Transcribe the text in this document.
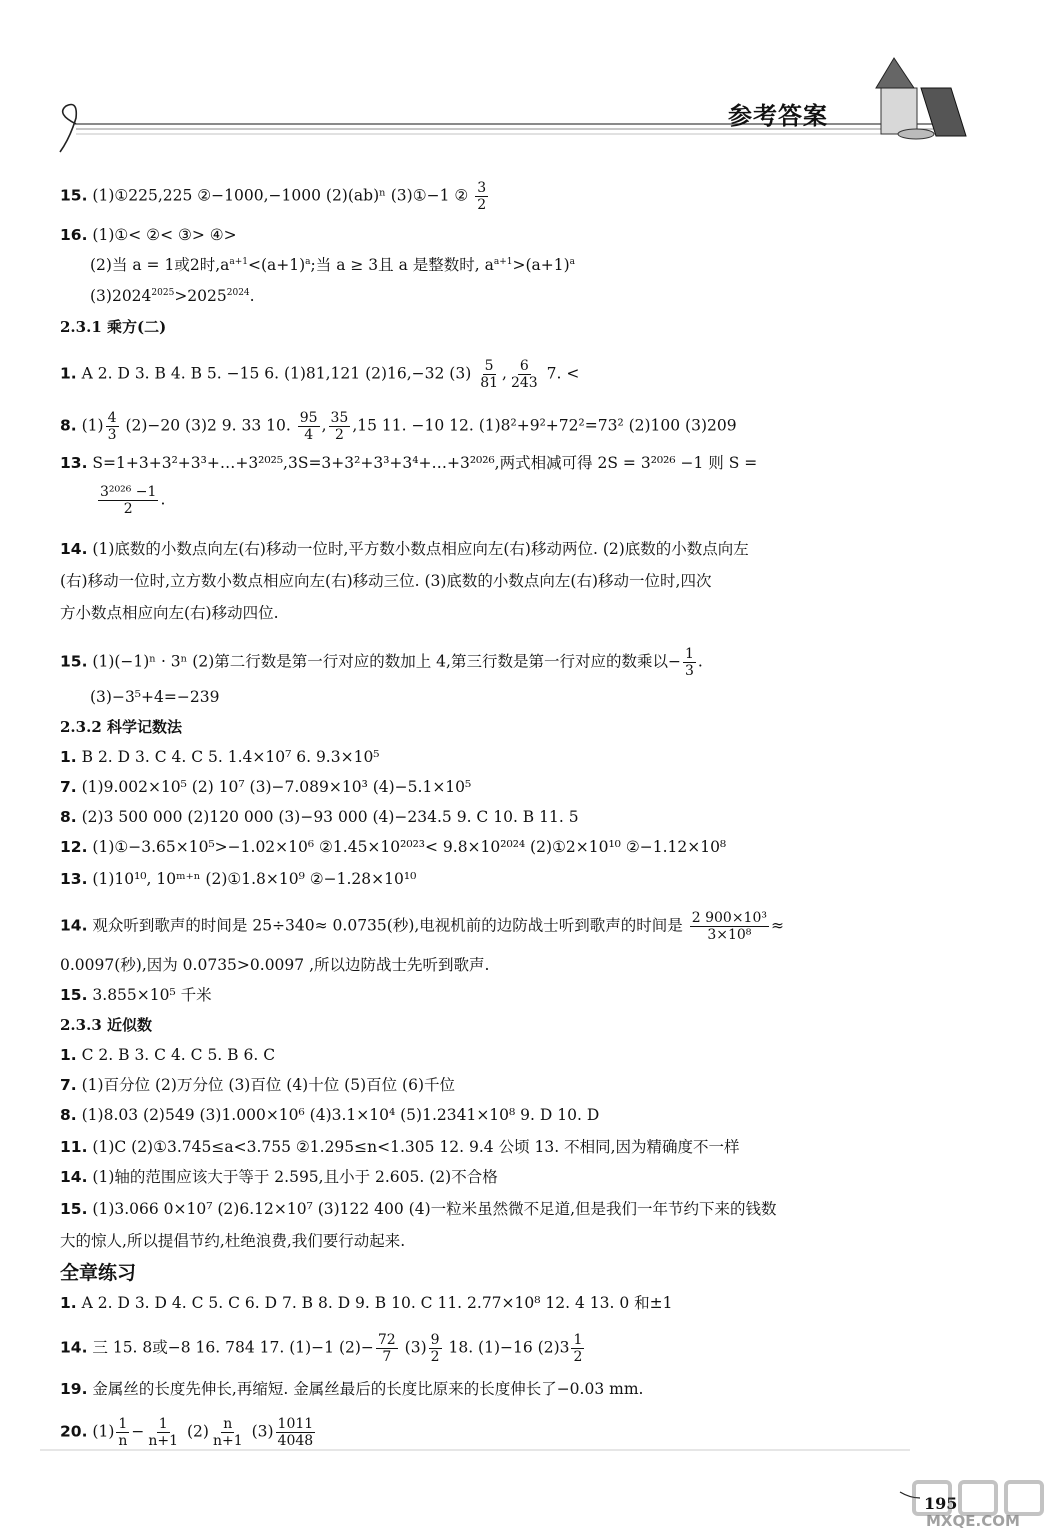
参考答案
15. (1)①225,225 ②−1000,−1000 (2)(ab)ⁿ (3)①−1 ② $\frac{3}{2}$
16. (1)①< ②< ③> ④>
(2)当 a = 1或2时$,a^{a+1}<(a+1)^a$;当 a ≥ 3且 a 是整数时, $a^{a+1}>(a+1)^a$
$(3)2024^{2025}>2025^{2024}$.
2.3.1 乘方(二)
1. A 2. D 3. B 4. B 5. −15 6. (1)81,121 (2)16,−32 $(3) \frac{5}{81}$ , $\frac{6}{243} 7$. <
8. $(1) \frac{4}{3} (2)-20$ (3)2 9. 33 10. $\frac{95}{4}$ , $\frac{35}{2} ,15$ 11. −10 12. (1)8²+9²+72²=73² (2)100 (3)209
13. S=1+3+3²+3³+…+3²⁰²⁵,3S=3+3²+3³+3⁴+…+3²⁰²⁶,两式相减可得 2S = 3²⁰²⁶ −1 则 S =
$\frac{\text{3²⁰²⁶ −1}}{2}$ .
14. (1)底数的小数点向左(右)移动一位时,平方数小数点相应向左(右)移动两位. (2)底数的小数点向左
(右)移动一位时,立方数小数点相应向左(右)移动三位. (3)底数的小数点向左(右)移动一位时,四次
方小数点相应向左(右)移动四位.
15. (1)(−1)ⁿ · 3ⁿ (2)第二行数是第一行对应的数加上 4,第三行数是第一行对应的数乘以− $\frac{1}{3}$ .
(3)−3⁵+4=−239
2.3.2 科学记数法
1. B 2. D 3. C 4. C 5. 1.4×10⁷ 6. 9.3×10⁵
7. (1)9.002×10⁵ (2) 10⁷ (3)−7.089×10³ (4)−5.1×10⁵
8. (2)3 500 000 (2)120 000 (3)−93 000 (4)−234.5 9. C 10. B 11. 5
12. (1)①−3.65×10⁵>−1.02×10⁶ ②1.45×10²⁰²³< 9.8×10²⁰²⁴ (2)①2×10¹⁰ ②−1.12×10⁸
13. (1)10¹⁰, 10ᵐ⁺ⁿ (2)①1.8×10⁹ ②−1.28×10¹⁰
14. 观众听到歌声的时间是 25÷340≈ 0.0735(秒),电视机前的边防战士听到歌声的时间是 $\frac{\text{2 900×10³}}{\text{3×10⁸}}$ ≈
0.0097(秒),因为 0.0735>0.0097 ,所以边防战士先听到歌声.
15. 3.855×10⁵ 千米
2.3.3 近似数
1. C 2. B 3. C 4. C 5. B 6. C
7. (1)百分位 (2)万分位 (3)百位 (4)十位 (5)百位 (6)千位
8. (1)8.03 (2)549 (3)1.000×10⁶ (4)3.1×10⁴ (5)1.2341×10⁸ 9. D 10. D
11. (1)C (2)①3.745≤a<3.755 ②1.295≤n<1.305 12. 9.4 公顷 13. 不相同,因为精确度不一样
14. (1)轴的范围应该大于等于 2.595,且小于 2.605. (2)不合格
15. (1)3.066 0×10⁷ (2)6.12×10⁷ (3)122 400 (4)一粒米虽然微不足道,但是我们一年节约下来的钱数
大的惊人,所以提倡节约,杜绝浪费,我们要行动起来.
全章练习
1. A 2. D 3. D 4. C 5. C 6. D 7. B 8. D 9. B 10. C 11. 2.77×10⁸ 12. 4 13. 0 和±1
14. 三 15. 8或−8 16. 784 17. (1)−1 $(2)- \frac{72}{7} (3) \frac{9}{2} 18$. (1)−16 $(2)3 \frac{1}{2}$
19. 金属丝的长度先伸长,再缩短. 金属丝最后的长度比原来的长度伸长了−0.03 mm.
20. $(1) \frac{1}{n} - \frac{1}{n+1} (2) \frac{n}{n+1} (3) \frac{1011}{4048}$
195
MXQE.COM
